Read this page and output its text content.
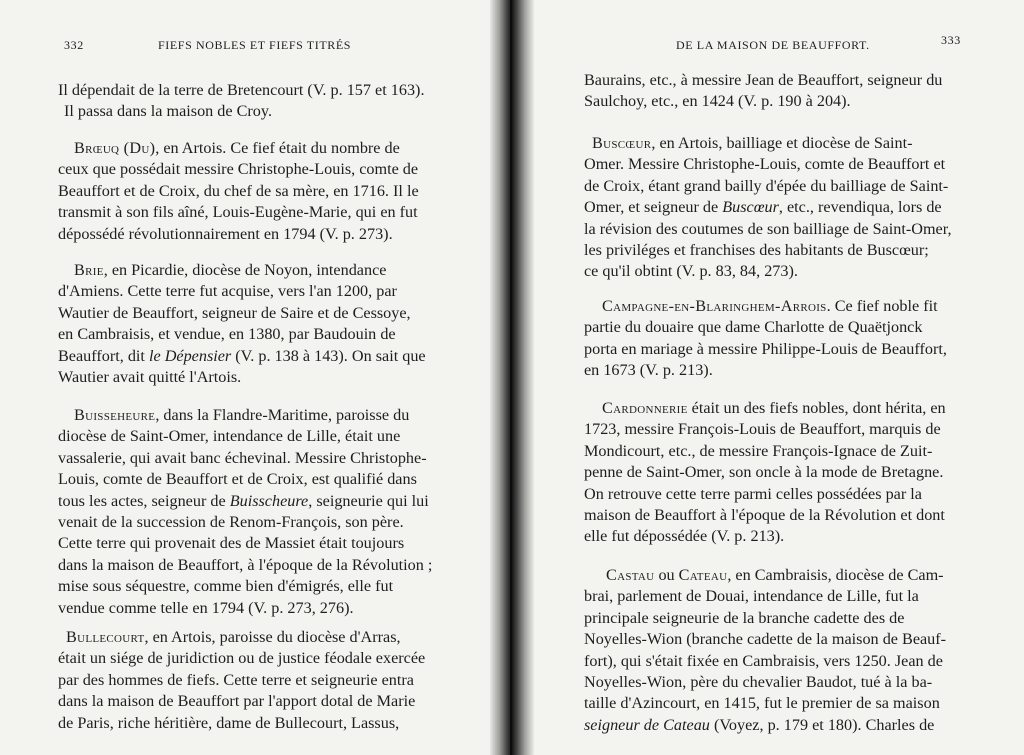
332	FIEFS NOBLES ET FIEFS TITRÉS
Il dépendait de la terre de Bretencourt (V. p. 157 et 163).
Il passa dans la maison de Croy.
Brœuq (Du), en Artois. Ce fief était du nombre de
ceux que possédait messire Christophe-Louis, comte de
Beauffort et de Croix, du chef de sa mère, en 1716. Il le
transmit à son fils aîné, Louis-Eugène-Marie, qui en fut
dépossédé révolutionnairement en 1794 (V. p. 273).
Brie, en Picardie, diocèse de Noyon, intendance
d'Amiens. Cette terre fut acquise, vers l'an 1200, par
Wautier de Beauffort, seigneur de Saire et de Cessoye,
en Cambraisis, et vendue, en 1380, par Baudouin de
Beauffort, dit le Dépensier (V. p. 138 à 143). On sait que
Wautier avait quitté l'Artois.
Buisseheure, dans la Flandre-Maritime, paroisse du
diocèse de Saint-Omer, intendance de Lille, était une
vassalerie, qui avait banc échevinal. Messire Christophe-
Louis, comte de Beauffort et de Croix, est qualifié dans
tous les actes, seigneur de Buisscheure, seigneurie qui lui
venait de la succession de Renom-François, son père.
Cette terre qui provenait des de Massiet était toujours
dans la maison de Beauffort, à l'époque de la Révolution ;
mise sous séquestre, comme bien d'émigrés, elle fut
vendue comme telle en 1794 (V. p. 273, 276).
Bullecourt, en Artois, paroisse du diocèse d'Arras,
était un siége de juridiction ou de justice féodale exercée
par des hommes de fiefs. Cette terre et seigneurie entra
dans la maison de Beauffort par l'apport dotal de Marie
de Paris, riche héritière, dame de Bullecourt, Lassus,
DE LA MAISON DE BEAUFFORT.	333
Baurains, etc., à messire Jean de Beauffort, seigneur du
Saulchoy, etc., en 1424 (V. p. 190 à 204).
Buscœur, en Artois, bailliage et diocèse de Saint-
Omer. Messire Christophe-Louis, comte de Beauffort et
de Croix, étant grand bailly d'épée du bailliage de Saint-
Omer, et seigneur de Buscœur, etc., revendiqua, lors de
la révision des coutumes de son bailliage de Saint-Omer,
les priviléges et franchises des habitants de Buscœur;
ce qu'il obtint (V. p. 83, 84, 273).
Campagne-en-Blaringhem-Arrois. Ce fief noble fit
partie du douaire que dame Charlotte de Quaëtjonck
porta en mariage à messire Philippe-Louis de Beauffort,
en 1673 (V. p. 213).
Cardonnerie était un des fiefs nobles, dont hérita, en
1723, messire François-Louis de Beauffort, marquis de
Mondicourt, etc., de messire François-Ignace de Zuit-
penne de Saint-Omer, son oncle à la mode de Bretagne.
On retrouve cette terre parmi celles possédées par la
maison de Beauffort à l'époque de la Révolution et dont
elle fut dépossédée (V. p. 213).
Castau ou Cateau, en Cambraisis, diocèse de Cam-
brai, parlement de Douai, intendance de Lille, fut la
principale seigneurie de la branche cadette des de
Noyelles-Wion (branche cadette de la maison de Beauf-
fort), qui s'était fixée en Cambraisis, vers 1250. Jean de
Noyelles-Wion, père du chevalier Baudot, tué à la ba-
taille d'Azincourt, en 1415, fut le premier de sa maison
seigneur de Cateau (Voyez, p. 179 et 180). Charles de
